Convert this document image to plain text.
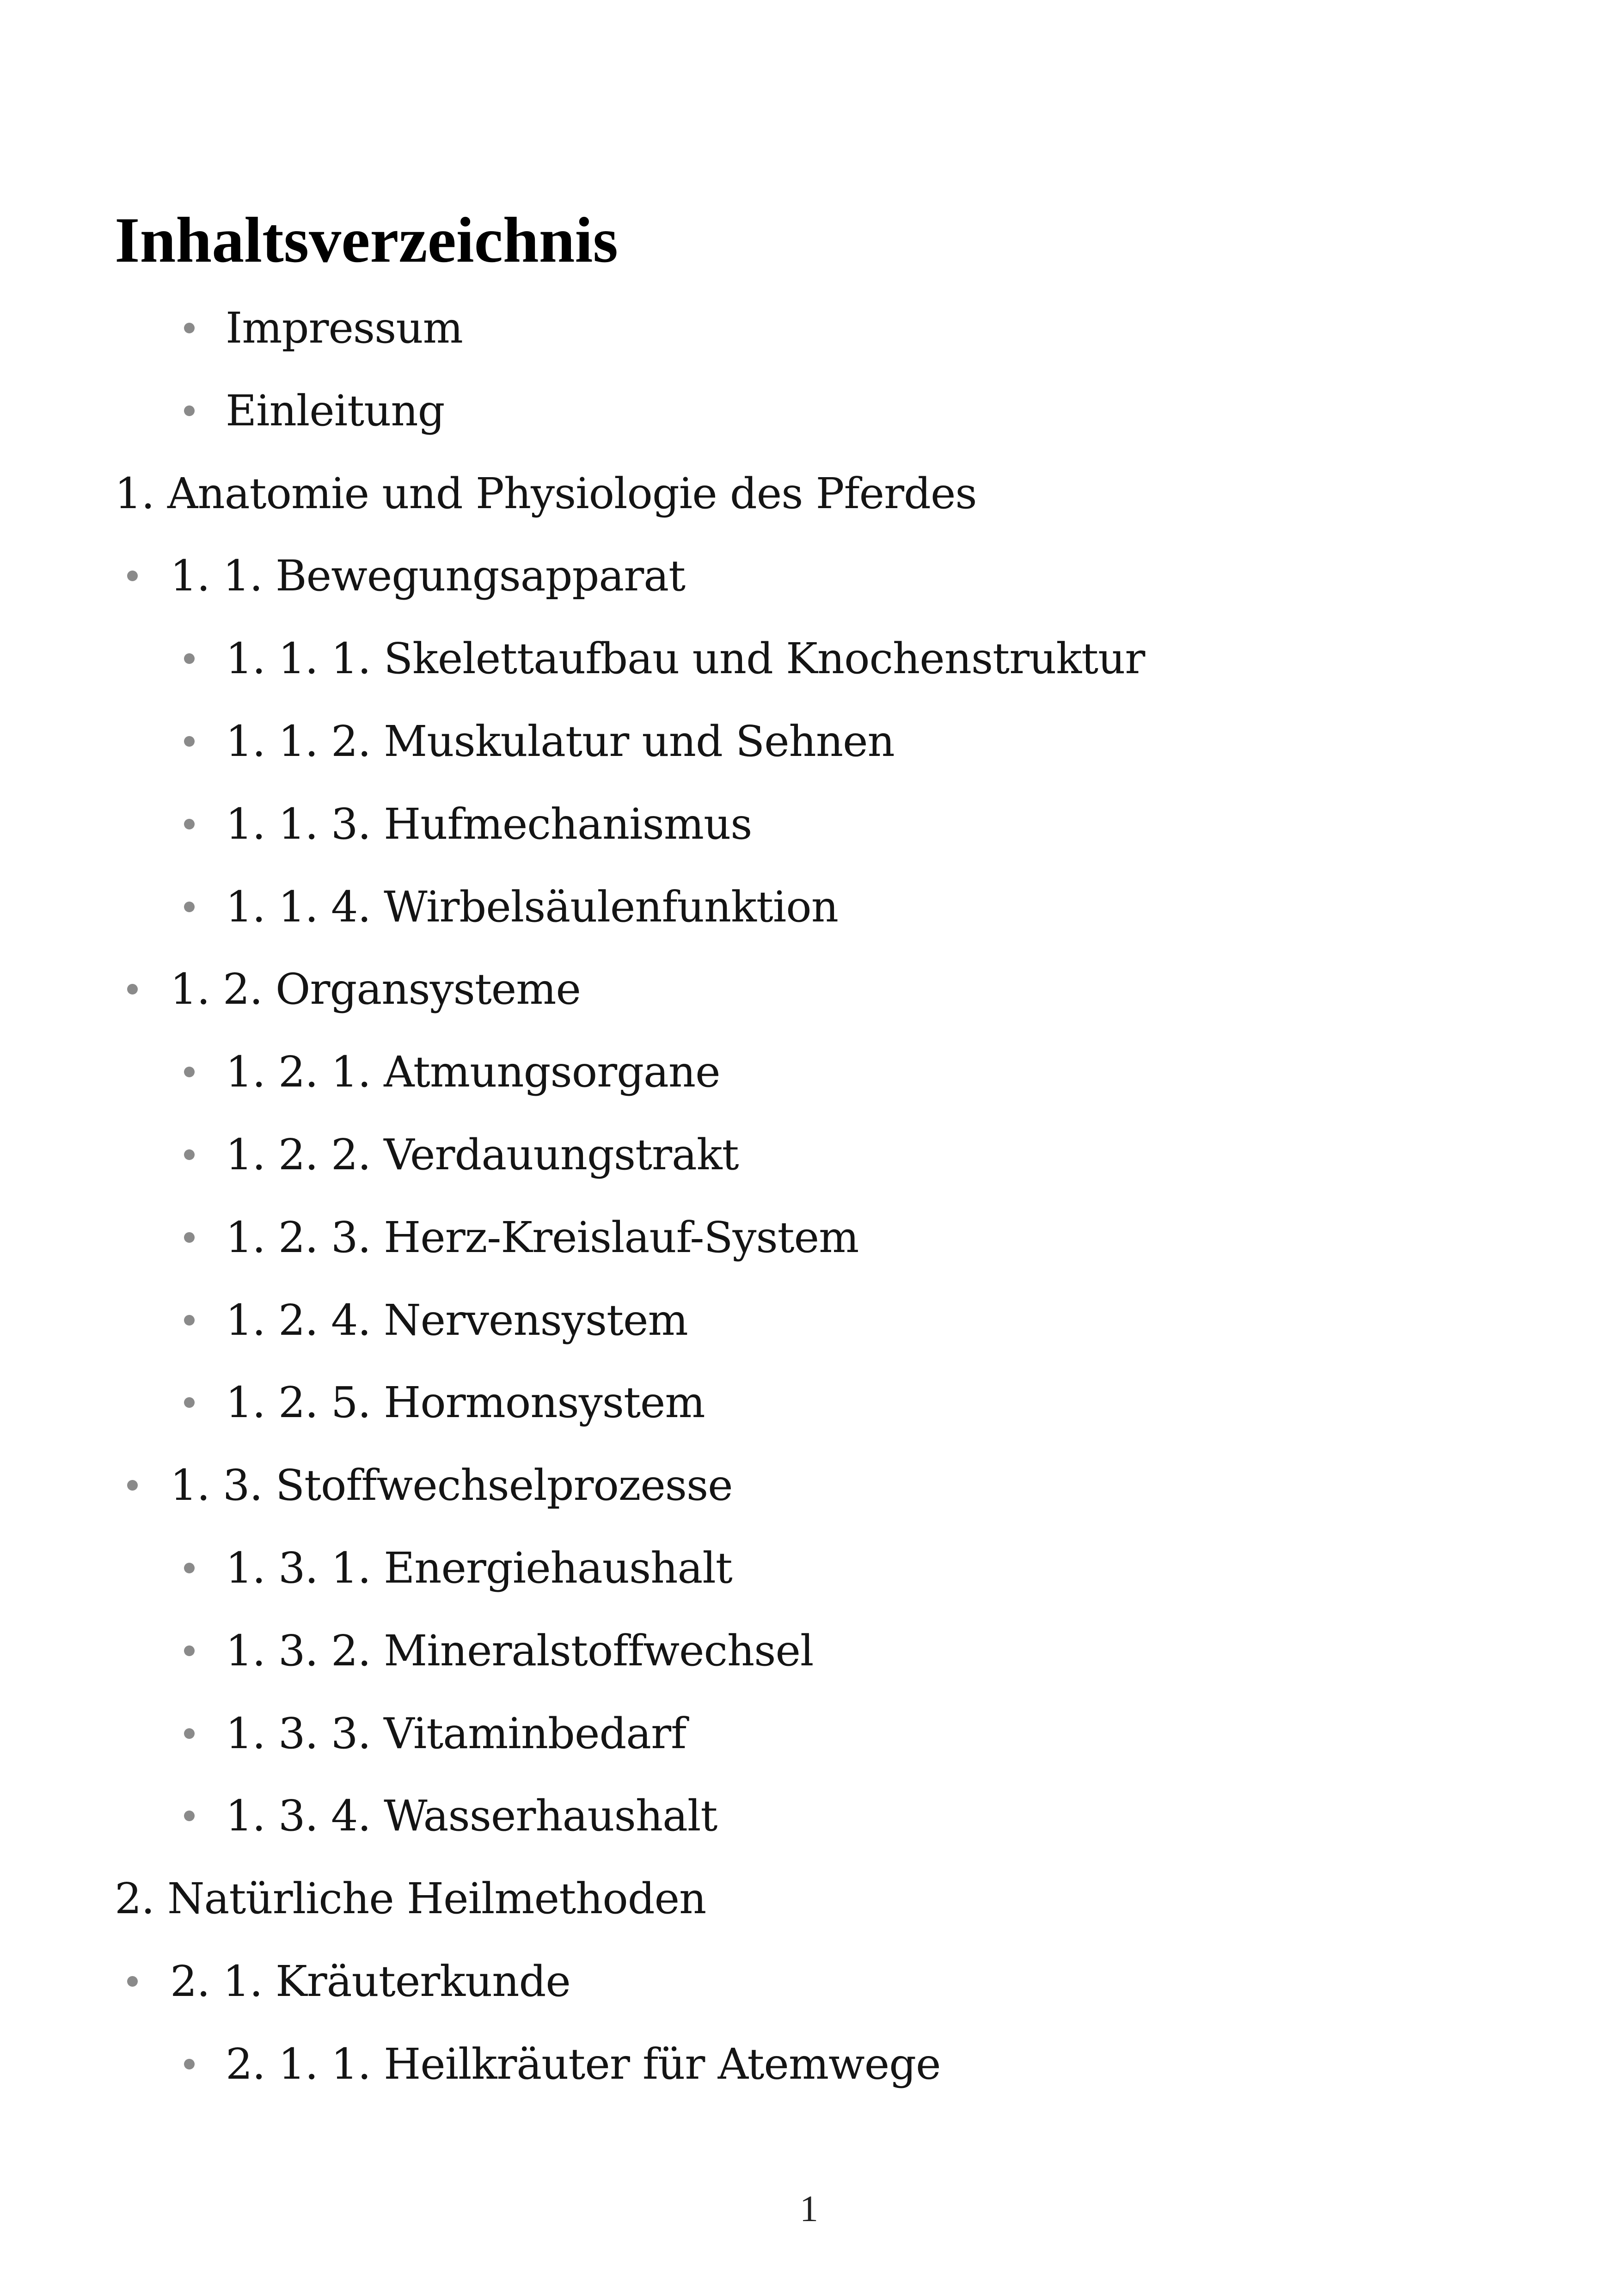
Inhaltsverzeichnis
Impressum
Einleitung
1. Anatomie und Physiologie des Pferdes
1. 1. Bewegungsapparat
1. 1. 1. Skelettaufbau und Knochenstruktur
1. 1. 2. Muskulatur und Sehnen
1. 1. 3. Hufmechanismus
1. 1. 4. Wirbelsäulenfunktion
1. 2. Organsysteme
1. 2. 1. Atmungsorgane
1. 2. 2. Verdauungstrakt
1. 2. 3. Herz-Kreislauf-System
1. 2. 4. Nervensystem
1. 2. 5. Hormonsystem
1. 3. Stoffwechselprozesse
1. 3. 1. Energiehaushalt
1. 3. 2. Mineralstoffwechsel
1. 3. 3. Vitaminbedarf
1. 3. 4. Wasserhaushalt
2. Natürliche Heilmethoden
2. 1. Kräuterkunde
2. 1. 1. Heilkräuter für Atemwege
1
